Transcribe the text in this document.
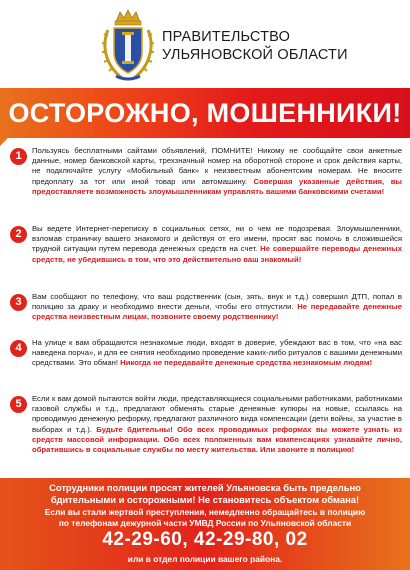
ПРАВИТЕЛЬСТВО
УЛЬЯНОВСКОЙ ОБЛАСТИ
ОСТОРОЖНО, МОШЕННИКИ!
1	Пользуясь бесплатными сайтами объявлений, ПОМНИТЕ! Никому не сообщайте свои анкетные данные, номер банковской карты, трехзначный номер на оборотной стороне и срок действия карты, не подключайте услугу «Мобильный банк» к неизвестным абонентским номерам. Не вносите предоплату за тот или иной товар или автомашину. Совершая указанные действия, вы предоставляете возможность злоумышленникам управлять вашими банковскими счетами!
2	Вы ведете Интернет-переписку в социальных сетях, ни о чем не подозревая. Злоумышленники, взломав страничку вашего знакомого и действуя от его имени, просят вас помочь в сложившейся трудной ситуации путем перевода денежных средств на счет. Не совершайте переводы денежных средств, не убедившись в том, что это действительно ваш знакомый!
3	Вам сообщают по телефону, что ваш родственник (сын, зять, внук и т.д.) совершил ДТП, попал в полицию за драку и необходимо внести деньги, чтобы его отпустили. Не передавайте денежные средства неизвестным лицам, позвоните своему родственнику!
4	На улице к вам обращаются незнакомые люди, входят в доверие, убеждают вас в том, что «на вас наведена порча», и для ее снятия необходимо проведение каких-либо ритуалов с вашими денежными средствами. Это обман! Никогда не передавайте денежные средства незнакомым людям!
5	Если к вам домой пытаются войти люди, представляющиеся социальными работниками, работниками газовой службы и т.д., предлагают обменять старые денежные купюры на новые, ссылаясь на проводимую денежную реформу, предлагают различного вида компенсации (дети войны, за участие в выборах и т.д.). Будьте бдительны! Обо всех проводимых реформах вы можете узнать из средств массовой информации. Обо всех положенных вам компенсациях узнавайте лично, обратившись в социальные службы по месту жительства. Или звоните в полицию!
Сотрудники полиции просят жителей Ульяновска быть предельно
бдительными и осторожными! Не становитесь объектом обмана!
Если вы стали жертвой преступления, немедленно обращайтесь в полицию
по телефонам дежурной части УМВД России по Ульяновской области
42-29-60, 42-29-80, 02
или в отдел полиции вашего района.
